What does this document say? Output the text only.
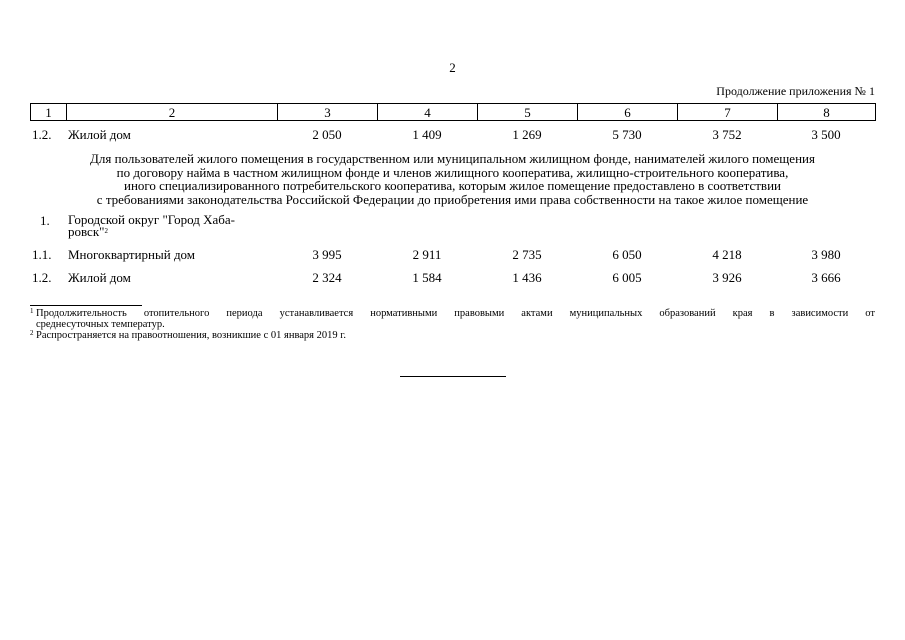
2
Продолжение приложения № 1
1	2	3	4	5	6	7	8
1.2. Жилой дом	2 050	1 409	1 269	5 730	3 752	3 500
Для пользователей жилого помещения в государственном или муниципальном жилищном фонде, нанимателей жилого помещения
по договору найма в частном жилищном фонде и членов жилищного кооператива, жилищно-строительного кооператива,
иного специализированного потребительского кооператива, которым жилое помещение предоставлено в соответствии
с требованиями законодательства Российской Федерации до приобретения ими права собственности на такое жилое помещение
1. Городской округ "Город Хаба-
ровск"$^2$
1.1. Многоквартирный дом	3 995	2 911	2 735	6 050	4 218	3 980
1.2. Жилой дом	2 324	1 584	1 436	6 005	3 926	3 666
1 Продолжительность отопительного периода устанавливается нормативными правовыми актами муниципальных образований края в зависимости от
среднесуточных температур.
2 Распространяется на правоотношения, возникшие с 01 января 2019 г.
